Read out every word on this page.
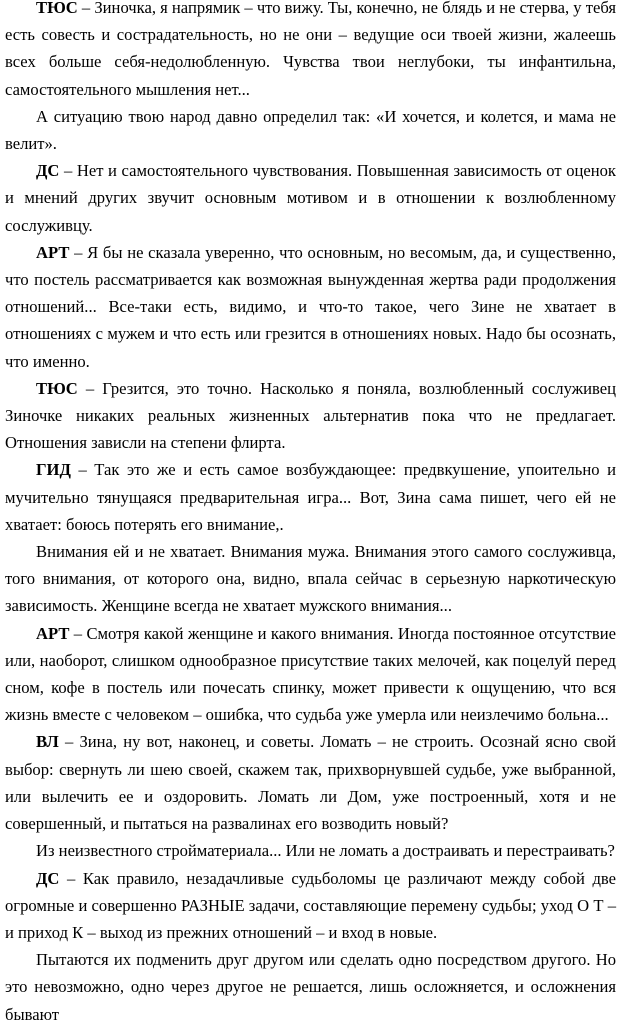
ТЮС – Зиночка, я напрямик – что вижу. Ты, конечно, не блядь и не стерва, у тебя есть совесть и сострадательность, но не они – ведущие оси твоей жизни, жалеешь всех больше себя-недолюбленную. Чувства твои неглубоки, ты инфантильна, самостоятельного мышления нет...

А ситуацию твою народ давно определил так: «И хочется, и колется, и мама не велит».

ДС – Нет и самостоятельного чувствования. Повышенная зависимость от оценок и мнений других звучит основным мотивом и в отношении к возлюбленному сослуживцу.

АРТ – Я бы не сказала уверенно, что основным, но весомым, да, и существенно, что постель рассматривается как возможная вынужденная жертва ради продолжения отношений... Все-таки есть, видимо, и что-то такое, чего Зине не хватает в отношениях с мужем и что есть или грезится в отношениях новых. Надо бы осознать, что именно.

ТЮС – Грезится, это точно. Насколько я поняла, возлюбленный сослуживец Зиночке никаких реальных жизненных альтернатив пока что не предлагает. Отношения зависли на степени флирта.

ГИД – Так это же и есть самое возбуждающее: предвкушение, упоительно и мучительно тянущаяся предварительная игра... Вот, Зина сама пишет, чего ей не хватает: боюсь потерять его внимание,.

Внимания ей и не хватает. Внимания мужа. Внимания этого самого сослуживца, того внимания, от которого она, видно, впала сейчас в серьезную наркотическую зависимость. Женщине всегда не хватает мужского внимания...

АРТ – Смотря какой женщине и какого внимания. Иногда постоянное отсутствие или, наоборот, слишком однообразное присутствие таких мелочей, как поцелуй перед сном, кофе в постель или почесать спинку, может привести к ощущению, что вся жизнь вместе с человеком – ошибка, что судьба уже умерла или неизлечимо больна...

ВЛ – Зина, ну вот, наконец, и советы. Ломать – не строить. Осознай ясно свой выбор: свернуть ли шею своей, скажем так, прихворнувшей судьбе, уже выбранной, или вылечить ее и оздоровить. Ломать ли Дом, уже построенный, хотя и не совершенный, и пытаться на развалинах его возводить новый?

Из неизвестного стройматериала... Или не ломать а достраивать и перестраивать?

ДС – Как правило, незадачливые судьболомы це различают между собой две огромные и совершенно РАЗНЫЕ задачи, составляющие перемену судьбы; уход О Т – и приход К – выход из прежних отношений – и вход в новые.

Пытаются их подменить друг другом или сделать одно посредством другого. Но это невозможно, одно через другое не решается, лишь осложняется, и осложнения бывают
